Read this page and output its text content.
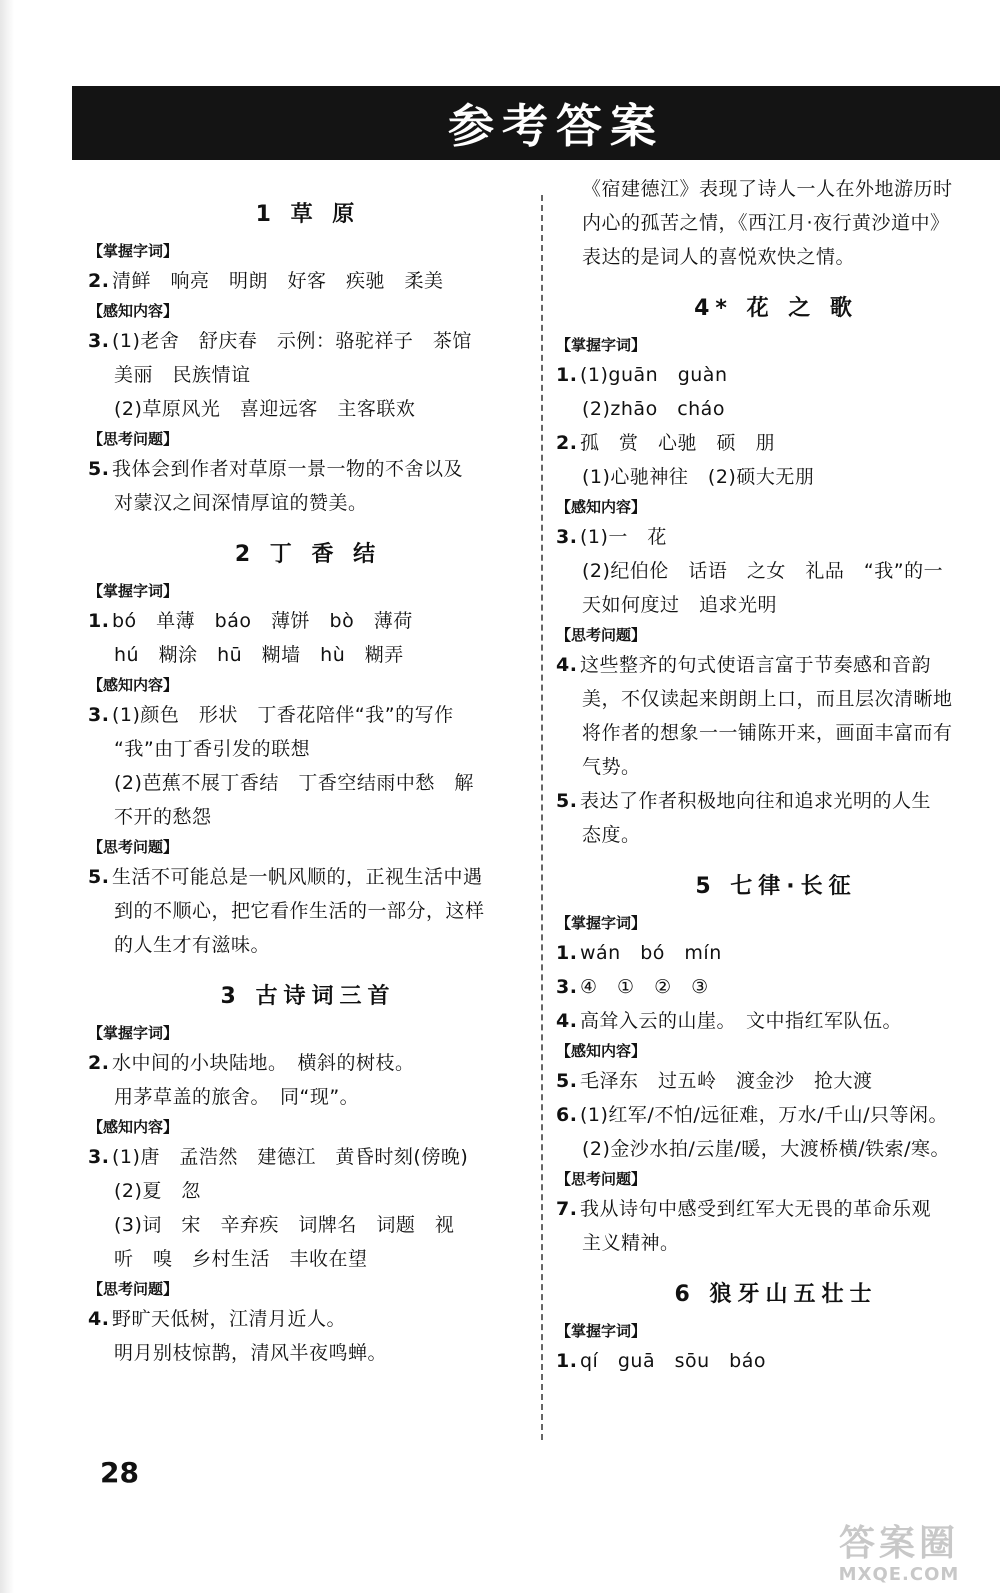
参考答案
1 草 原
【掌握字词】
2. 清鲜　响亮　明朗　好客　疾驰　柔美
【感知内容】
3. (1)老舍　舒庆春　示例：骆驼祥子　茶馆
美丽　民族情谊
(2)草原风光　喜迎远客　主客联欢
【思考问题】
5. 我体会到作者对草原一景一物的不舍以及
对蒙汉之间深情厚谊的赞美。
2 丁 香 结
【掌握字词】
1. bó　单薄　báo　薄饼　bò　薄荷
hú　糊涂　hū　糊墙　hù　糊弄
【感知内容】
3. (1)颜色　形状　丁香花陪伴“我”的写作
“我”由丁香引发的联想
(2)芭蕉不展丁香结　丁香空结雨中愁　解
不开的愁怨
【思考问题】
5. 生活不可能总是一帆风顺的，正视生活中遇
到的不顺心，把它看作生活的一部分，这样
的人生才有滋味。
3 古诗词三首
【掌握字词】
2. 水中间的小块陆地。　横斜的树枝。
用茅草盖的旅舍。　同“现”。
【感知内容】
3. (1)唐　孟浩然　建德江　黄昏时刻(傍晚)
(2)夏　忽
(3)词　宋　辛弃疾　词牌名　词题　视
听　嗅　乡村生活　丰收在望
【思考问题】
4. 野旷天低树，江清月近人。
明月别枝惊鹊，清风半夜鸣蝉。
《宿建德江》表现了诗人一人在外地游历时
内心的孤苦之情，《西江月·夜行黄沙道中》
表达的是词人的喜悦欢快之情。
4* 花 之 歌
【掌握字词】
1. (1)guān　guàn
(2)zhāo　cháo
2. 孤　赏　心驰　硕　朋
(1)心驰神往　(2)硕大无朋
【感知内容】
3. (1)一　花
(2)纪伯伦　话语　之女　礼品　“我”的一
天如何度过　追求光明
【思考问题】
4. 这些整齐的句式使语言富于节奏感和音韵
美，不仅读起来朗朗上口，而且层次清晰地
将作者的想象一一铺陈开来，画面丰富而有
气势。
5. 表达了作者积极地向往和追求光明的人生
态度。
5 七律·长征
【掌握字词】
1. wán　bó　mín
3. ④　①　②　③
4. 高耸入云的山崖。　文中指红军队伍。
【感知内容】
5. 毛泽东　过五岭　渡金沙　抢大渡
6. (1)红军/不怕/远征难，万水/千山/只等闲。
(2)金沙水拍/云崖/暖，大渡桥横/铁索/寒。
【思考问题】
7. 我从诗句中感受到红军大无畏的革命乐观
主义精神。
6 狼牙山五壮士
【掌握字词】
1. qí　guā　sōu　báo
28
答案圈
MXQE.COM
